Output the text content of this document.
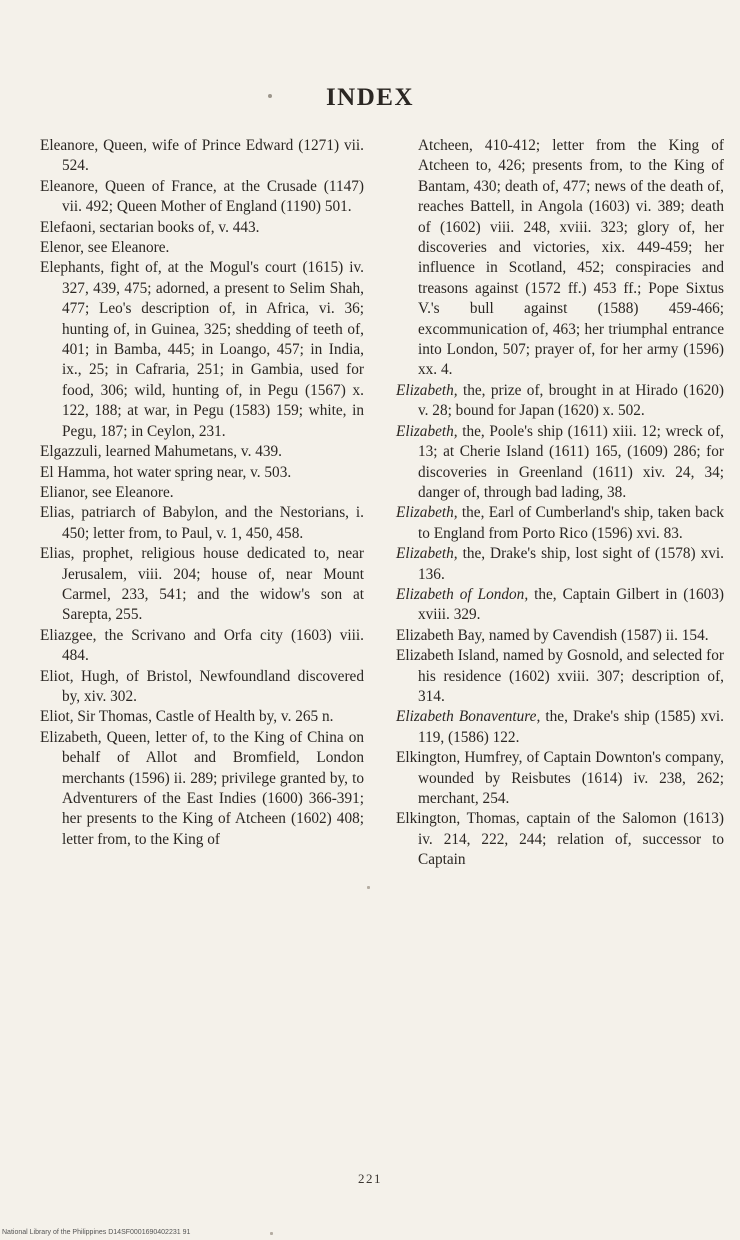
INDEX

Eleanore, Queen, wife of Prince Edward (1271) vii. 524.

Eleanore, Queen of France, at the Crusade (1147) vii. 492; Queen Mother of England (1190) 501.

Elefaoni, sectarian books of, v. 443.

Elenor, see Eleanore.

Elephants, fight of, at the Mogul's court (1615) iv. 327, 439, 475; adorned, a present to Selim Shah, 477; Leo's description of, in Africa, vi. 36; hunting of, in Guinea, 325; shedding of teeth of, 401; in Bamba, 445; in Loango, 457; in India, ix., 25; in Cafraria, 251; in Gambia, used for food, 306; wild, hunting of, in Pegu (1567) x. 122, 188; at war, in Pegu (1583) 159; white, in Pegu, 187; in Ceylon, 231.

Elgazzuli, learned Mahumetans, v. 439.

El Hamma, hot water spring near, v. 503.

Elianor, see Eleanore.

Elias, patriarch of Babylon, and the Nestorians, i. 450; letter from, to Paul, v. 1, 450, 458.

Elias, prophet, religious house dedicated to, near Jerusalem, viii. 204; house of, near Mount Carmel, 233, 541; and the widow's son at Sarepta, 255.

Eliazgee, the Scrivano and Orfa city (1603) viii. 484.

Eliot, Hugh, of Bristol, Newfoundland discovered by, xiv. 302.

Eliot, Sir Thomas, Castle of Health by, v. 265 n.

Elizabeth, Queen, letter of, to the King of China on behalf of Allot and Bromfield, London merchants (1596) ii. 289; privilege granted by, to Adventurers of the East Indies (1600) 366-391; her presents to the King of Atcheen (1602) 408; letter from, to the King of

Atcheen, 410-412; letter from the King of Atcheen to, 426; presents from, to the King of Bantam, 430; death of, 477; news of the death of, reaches Battell, in Angola (1603) vi. 389; death of (1602) viii. 248, xviii. 323; glory of, her discoveries and victories, xix. 449-459; her influence in Scotland, 452; conspiracies and treasons against (1572 ff.) 453 ff.; Pope Sixtus V.'s bull against (1588) 459-466; excommunication of, 463; her triumphal entrance into London, 507; prayer of, for her army (1596) xx. 4.

Elizabeth, the, prize of, brought in at Hirado (1620) v. 28; bound for Japan (1620) x. 502.

Elizabeth, the, Poole's ship (1611) xiii. 12; wreck of, 13; at Cherie Island (1611) 165, (1609) 286; for discoveries in Greenland (1611) xiv. 24, 34; danger of, through bad lading, 38.

Elizabeth, the, Earl of Cumberland's ship, taken back to England from Porto Rico (1596) xvi. 83.

Elizabeth, the, Drake's ship, lost sight of (1578) xvi. 136.

Elizabeth of London, the, Captain Gilbert in (1603) xviii. 329.

Elizabeth Bay, named by Cavendish (1587) ii. 154.

Elizabeth Island, named by Gosnold, and selected for his residence (1602) xviii. 307; description of, 314.

Elizabeth Bonaventure, the, Drake's ship (1585) xvi. 119, (1586) 122.

Elkington, Humfrey, of Captain Downton's company, wounded by Reisbutes (1614) iv. 238, 262; merchant, 254.

Elkington, Thomas, captain of the Salomon (1613) iv. 214, 222, 244; relation of, successor to Captain

221
National Library of the Philippines D14SF0001690402231 91
